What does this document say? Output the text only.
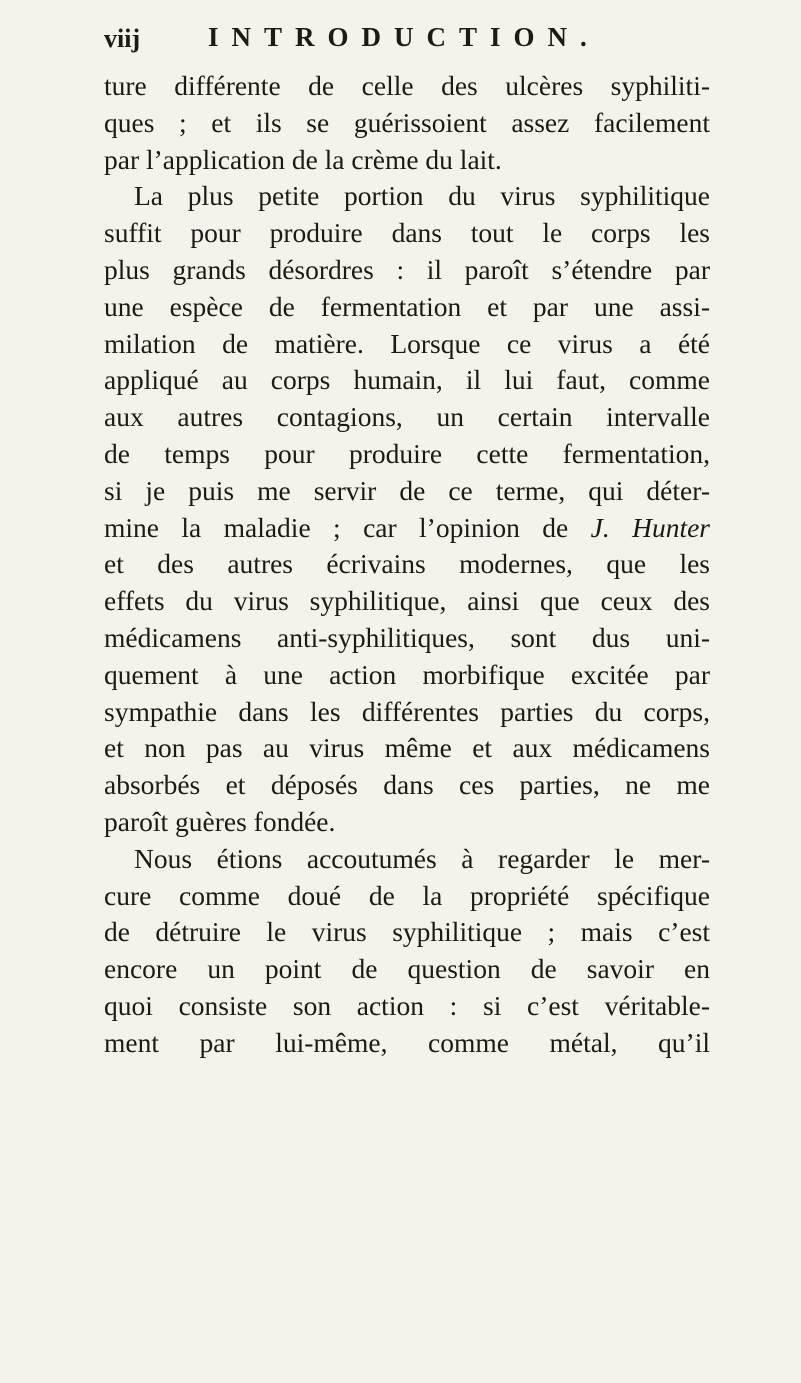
viij	INTRODUCTION.
ture différente de celle des ulcères syphiliti-
ques ; et ils se guérissoient assez facilement
par l’application de la crème du lait.
La plus petite portion du virus syphilitique
suffit pour produire dans tout le corps les
plus grands désordres : il paroît s’étendre par
une espèce de fermentation et par une assi-
milation de matière. Lorsque ce virus a été
appliqué au corps humain, il lui faut, comme
aux autres contagions, un certain intervalle
de temps pour produire cette fermentation,
si je puis me servir de ce terme, qui déter-
mine la maladie ; car l’opinion de J. Hunter
et des autres écrivains modernes, que les
effets du virus syphilitique, ainsi que ceux des
médicamens anti-syphilitiques, sont dus uni-
quement à une action morbifique excitée par
sympathie dans les différentes parties du corps,
et non pas au virus même et aux médicamens
absorbés et déposés dans ces parties, ne me
paroît guères fondée.
Nous étions accoutumés à regarder le mer-
cure comme doué de la propriété spécifique
de détruire le virus syphilitique ; mais c’est
encore un point de question de savoir en
quoi consiste son action : si c’est véritable-
ment par lui-même, comme métal, qu’il
